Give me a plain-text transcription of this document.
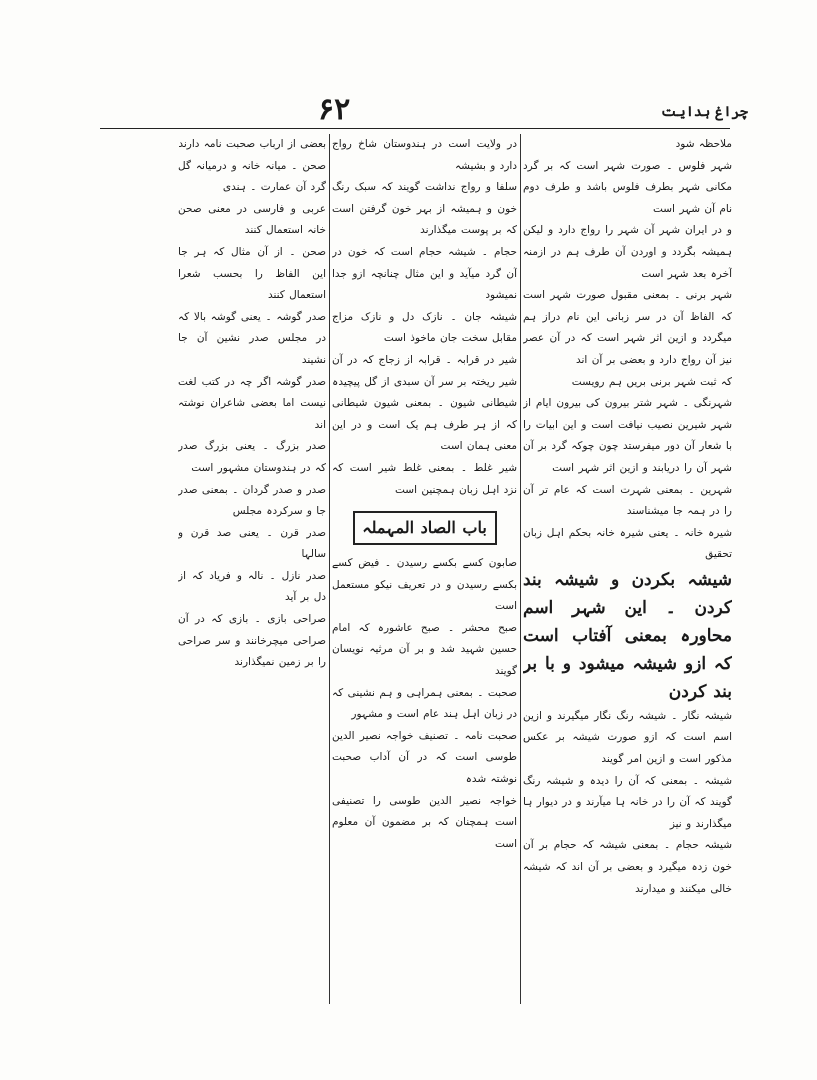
۶۲	چراغ ہدایت

ملاحظہ شود

شہر فلوس ۔ صورت شہر است کہ بر گرد مکانی شہر بطرف فلوس باشد و طرف دوم نام آن شہر است

و در ایران شہر آن شہر را رواج دارد و لیکن ہمیشہ بگردد و اوردن آن طرف ہم در ازمنہ آخرہ بعد شہر است

شہر برنی ۔ بمعنی مقبول صورت شہر است کہ الفاظ آن در سر زبانی این نام دراز ہم میگردد و ازین اثر شہر است کہ در آن عصر نیز آن رواج دارد و بعضی بر آن اند

کہ ثبت شہر برنی بریں ہم رویست

شہرنگی ۔ شہر شتر بیرون کی بیرون ایام از شہر شیرین نصیب نیافت است و این ابیات را با شعار آن دور میفرستد چون چوکہ گرد بر آن شہر آن را دریابند و ازین اثر شہر است

شہرین ۔ بمعنی شہرت است کہ عام تر آن را در ہمہ جا میشناسند

شیرہ خانہ ۔ یعنی شیرہ خانہ بحکم اہل زبان تحقیق

شیشہ بکردن و شیشہ بند کردن ۔ این شہر اسم محاورہ بمعنی آفتاب است کہ ازو شیشہ میشود و با بر بند کردن

شیشہ نگار ۔ شیشہ رنگ نگار میگیرند و ازین اسم است کہ ازو صورت شیشہ بر عکس مذکور است و ازین امر گویند

شیشہ ۔ بمعنی کہ آن را دیدہ و شیشہ رنگ گویند کہ آن را در خانہ ہا میآرند و در دیوار ہا میگذارند و نیز

شیشہ حجام ۔ بمعنی شیشہ کہ حجام بر آن خون زدہ میگیرد و بعضی بر آن اند کہ شیشہ خالی میکنند و میدارند

در ولایت است در ہندوستان شاخ رواج دارد و بشیشہ

سلفا و رواج نداشت گویند کہ سبک رنگ خون و ہمیشہ از بہر خون گرفتن است کہ بر پوست میگذارند

حجام ۔ شیشہ حجام است کہ خون در آن گرد میآید و این مثال چنانچہ ازو جدا نمیشود

شیشہ جان ۔ نازک دل و نازک مزاج مقابل سخت جان ماخوذ است

شیر در قرابہ ۔ قرابہ از زجاج کہ در آن شیر ریختہ بر سر آن سبدی از گل پیچیدہ

شیطانی شیون ۔ بمعنی شیون شیطانی کہ از ہر طرف ہم یک است و در این معنی ہمان است

شیر غلط ۔ بمعنی غلط شیر است کہ نزد اہل زبان ہمچنین است

باب الصاد المہملہ

صابون کسے بکسے رسیدن ۔ فیض کسے بکسے رسیدن و در تعریف نیکو مستعمل است

صبح محشر ۔ صبح عاشورہ کہ امام حسین شہید شد و بر آن مرثیہ نویسان گویند

صحبت ۔ بمعنی ہمراہی و ہم نشینی کہ در زبان اہل ہند عام است و مشہور

صحبت نامہ ۔ تصنیف خواجہ نصیر الدین طوسی است کہ در آن آداب صحبت نوشتہ شدہ

خواجہ نصیر الدین طوسی را تصنیفی است ہمچنان کہ بر مضمون آن معلوم است

بعضی از ارباب صحبت نامہ دارند

صحن ۔ میانہ خانہ و درمیانہ گل گرد آن عمارت ۔ ہندی

عربی و فارسی در معنی صحن خانہ استعمال کنند

صحن ۔ از آن مثال کہ ہر جا این الفاظ را بحسب شعرا استعمال کنند

صدر گوشہ ۔ یعنی گوشہ بالا کہ در مجلس صدر نشین آن جا نشیند

صدر گوشہ اگر چہ در کتب لغت نیست اما بعضی شاعران نوشتہ اند

صدر بزرگ ۔ یعنی بزرگ صدر کہ در ہندوستان مشہور است

صدر و صدر گردان ۔ بمعنی صدر جا و سرکردہ مجلس

صدر قرن ۔ یعنی صد قرن و سالہا

صدر نازل ۔ نالہ و فریاد کہ از دل بر آید

صراحی بازی ۔ بازی کہ در آن صراحی میچرخانند و سر صراحی را بر زمین نمیگذارند
